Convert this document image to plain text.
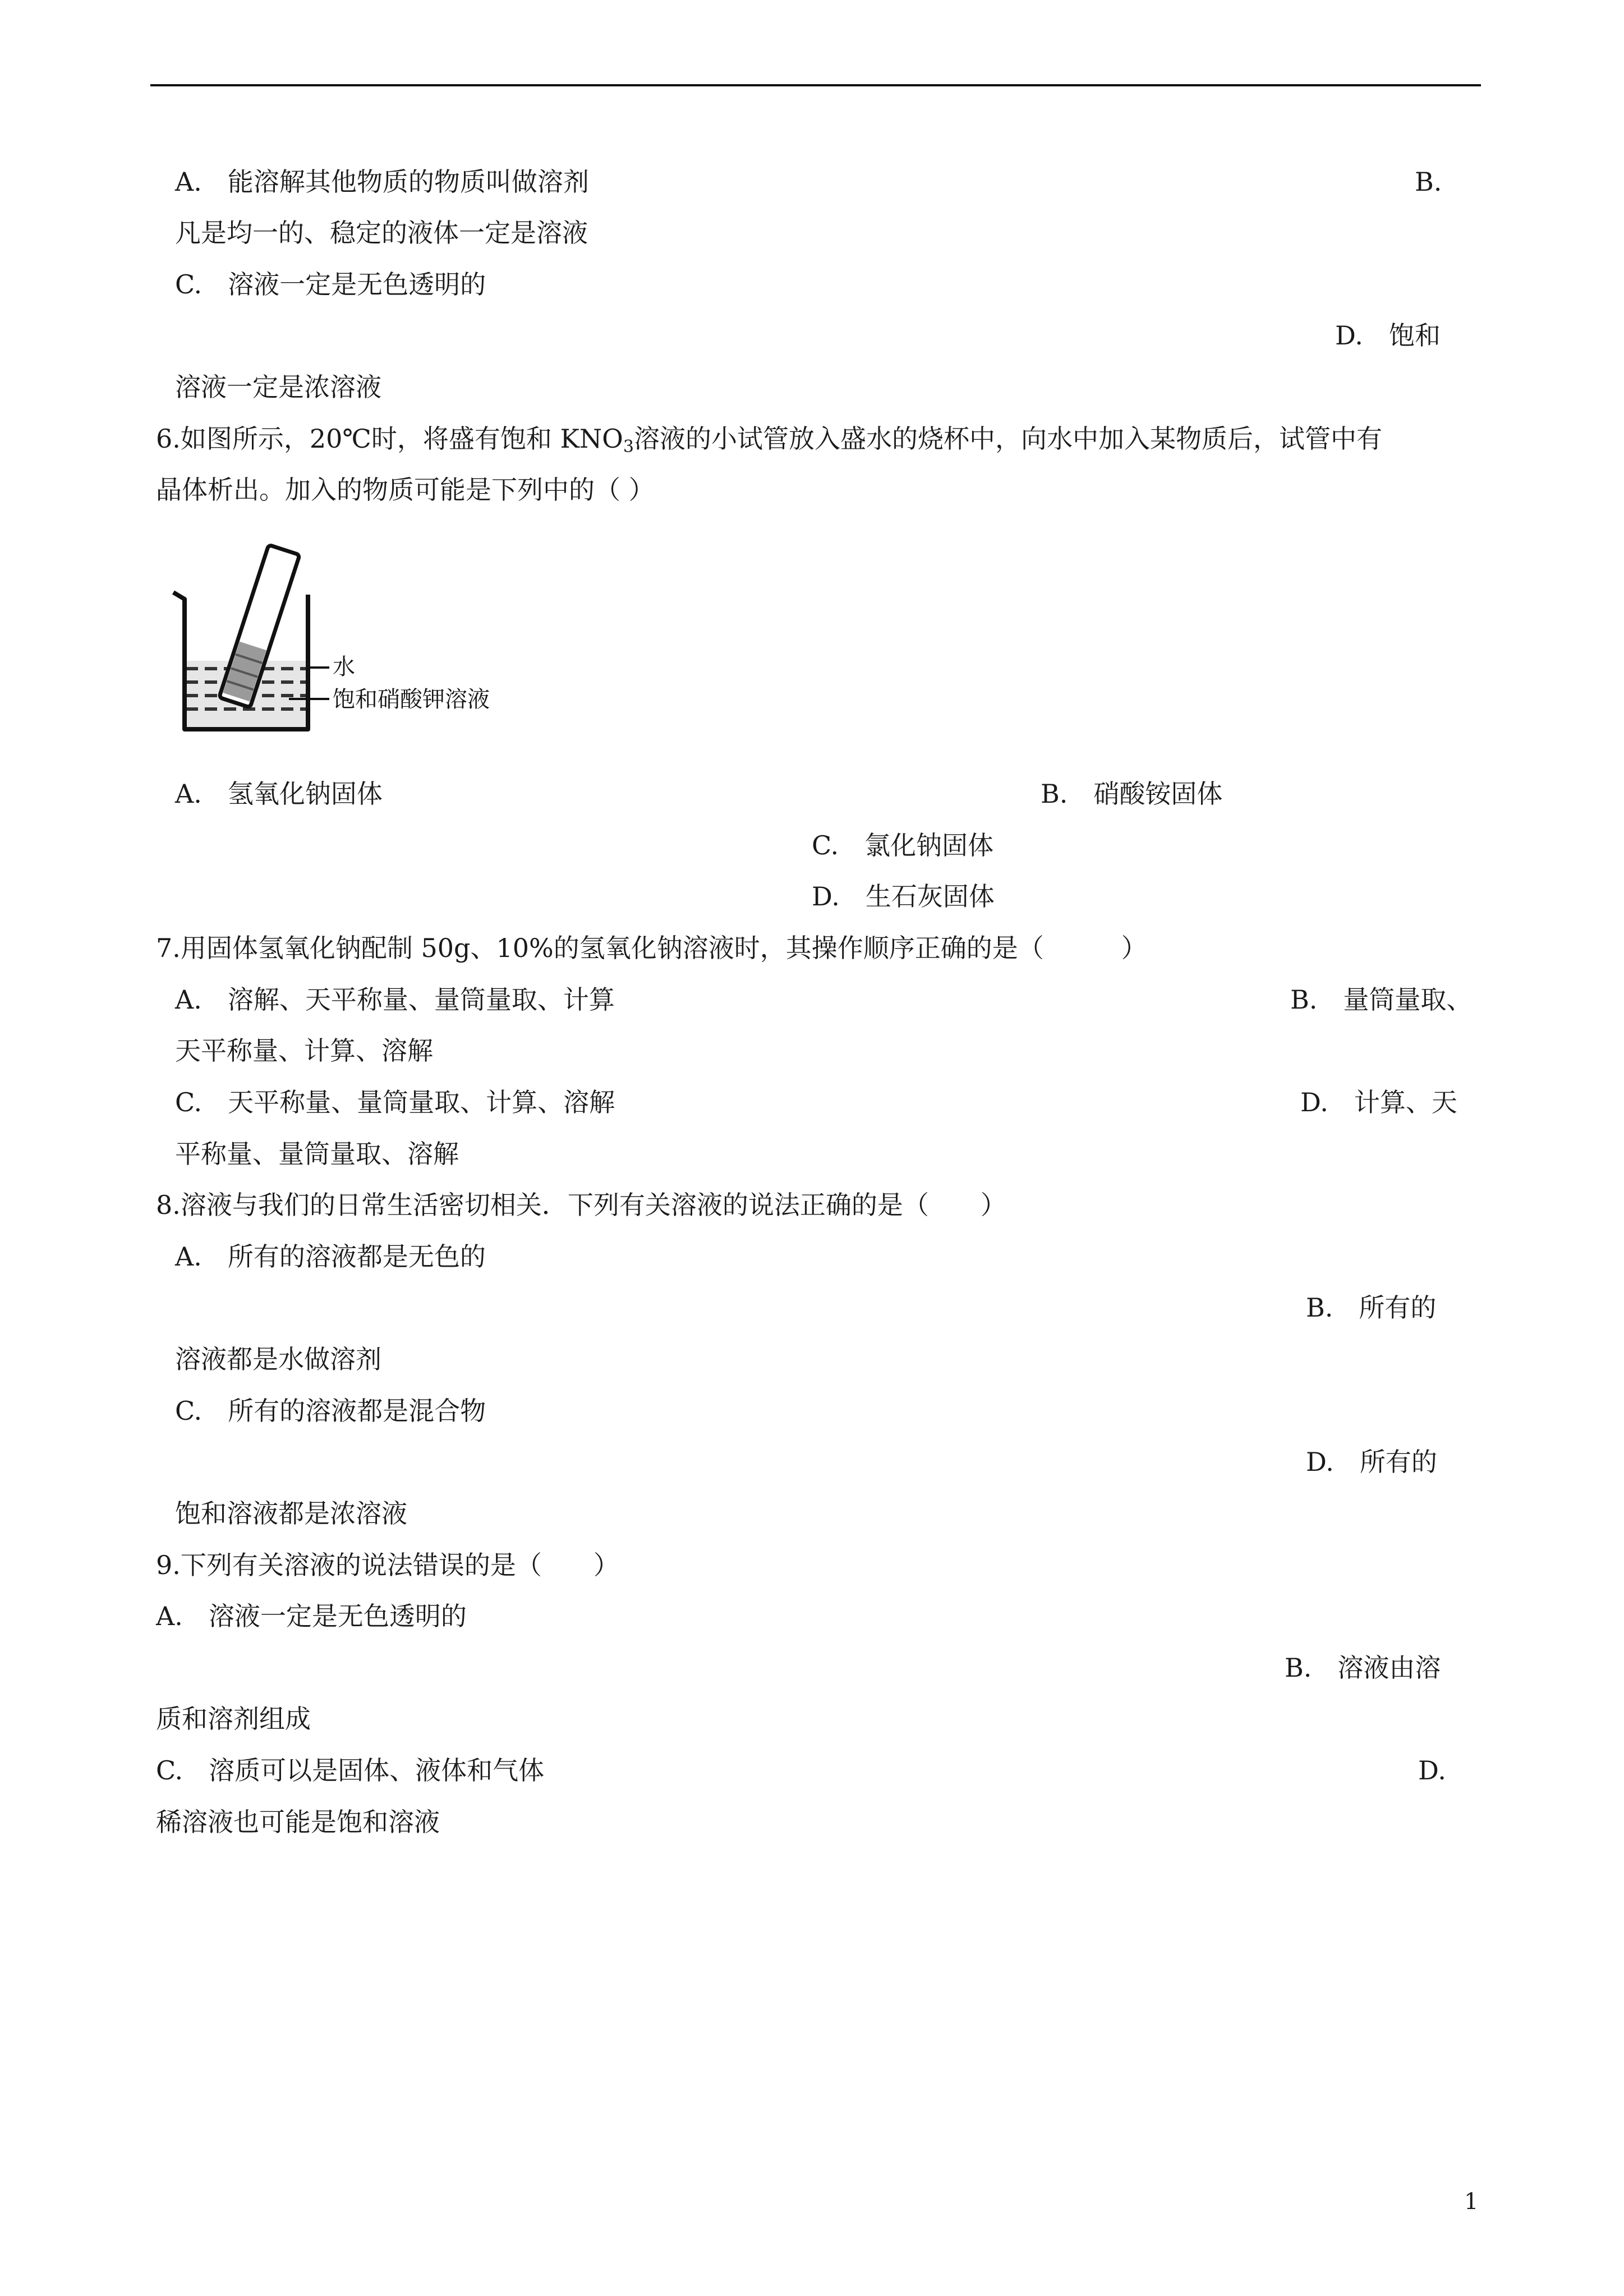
A.　能溶解其他物质的物质叫做溶剂	B.
凡是均一的、稳定的液体一定是溶液
C.　溶液一定是无色透明的
D.　饱和
溶液一定是浓溶液
6.如图所示，20℃时，将盛有饱和 $KNO_3$溶液的小试管放入盛水的烧杯中，向水中加入某物质后，试管中有
晶体析出。加入的物质可能是下列中的（ ）
水
饱和硝酸钾溶液
A.　氢氧化钠固体	B.　硝酸铵固体
C.　氯化钠固体
D.　生石灰固体
7.用固体氢氧化钠配制 50g、10%的氢氧化钠溶液时，其操作顺序正确的是（　　　）
A.　溶解、天平称量、量筒量取、计算	B.　量筒量取、
天平称量、计算、溶解
C.　天平称量、量筒量取、计算、溶解	D.　计算、天
平称量、量筒量取、溶解
8.溶液与我们的日常生活密切相关．下列有关溶液的说法正确的是（　　）
A.　所有的溶液都是无色的
B.　所有的
溶液都是水做溶剂
C.　所有的溶液都是混合物
D.　所有的
饱和溶液都是浓溶液
9.下列有关溶液的说法错误的是（　　）
A.　溶液一定是无色透明的
B.　溶液由溶
质和溶剂组成
C.　溶质可以是固体、液体和气体	D.
稀溶液也可能是饱和溶液
1
